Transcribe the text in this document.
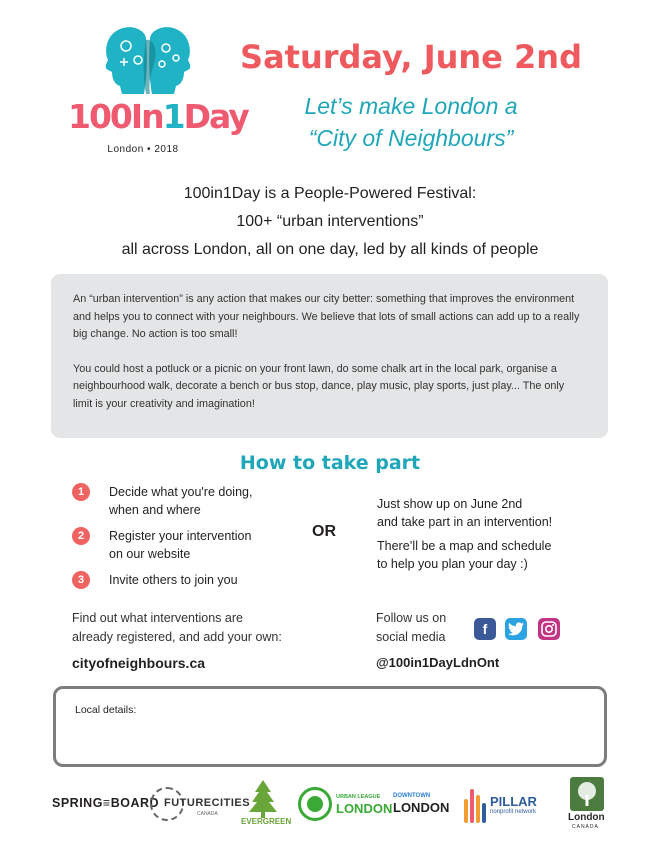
100In1Day
London • 2018
Saturday, June 2nd
Let’s make London a
“City of Neighbours”
100in1Day is a People-Powered Festival:
100+ “urban interventions”
all across London, all on one day, led by all kinds of people

An “urban intervention” is any action that makes our city better: something that improves the environment and helps you to connect with your neighbours. We believe that lots of small actions can add up to a really big change. No action is too small!

You could host a potluck or a picnic on your front lawn, do some chalk art in the local park, organise a neighbourhood walk, decorate a bench or bus stop, dance, play music, play sports, just play... The only limit is your creativity and imagination!

How to take part
1	Decide what you're doing,
when and where
2	Register your intervention
on our website
3	Invite others to join you
OR

Just show up on June 2nd
and take part in an intervention!

There’ll be a map and schedule
to help you plan your day :)

Find out what interventions are
already registered, and add your own:
cityofneighbours.ca
Follow us on
social media	f
@100in1DayLdnOnt
Local details:
SPRING≡BOARD FUTURECITIES
CANADA
EVERGREEN
URBAN LEAGUE
LONDON
DOWNTOWN
LONDON	PILLAR
nonprofit network	London
CANADA
